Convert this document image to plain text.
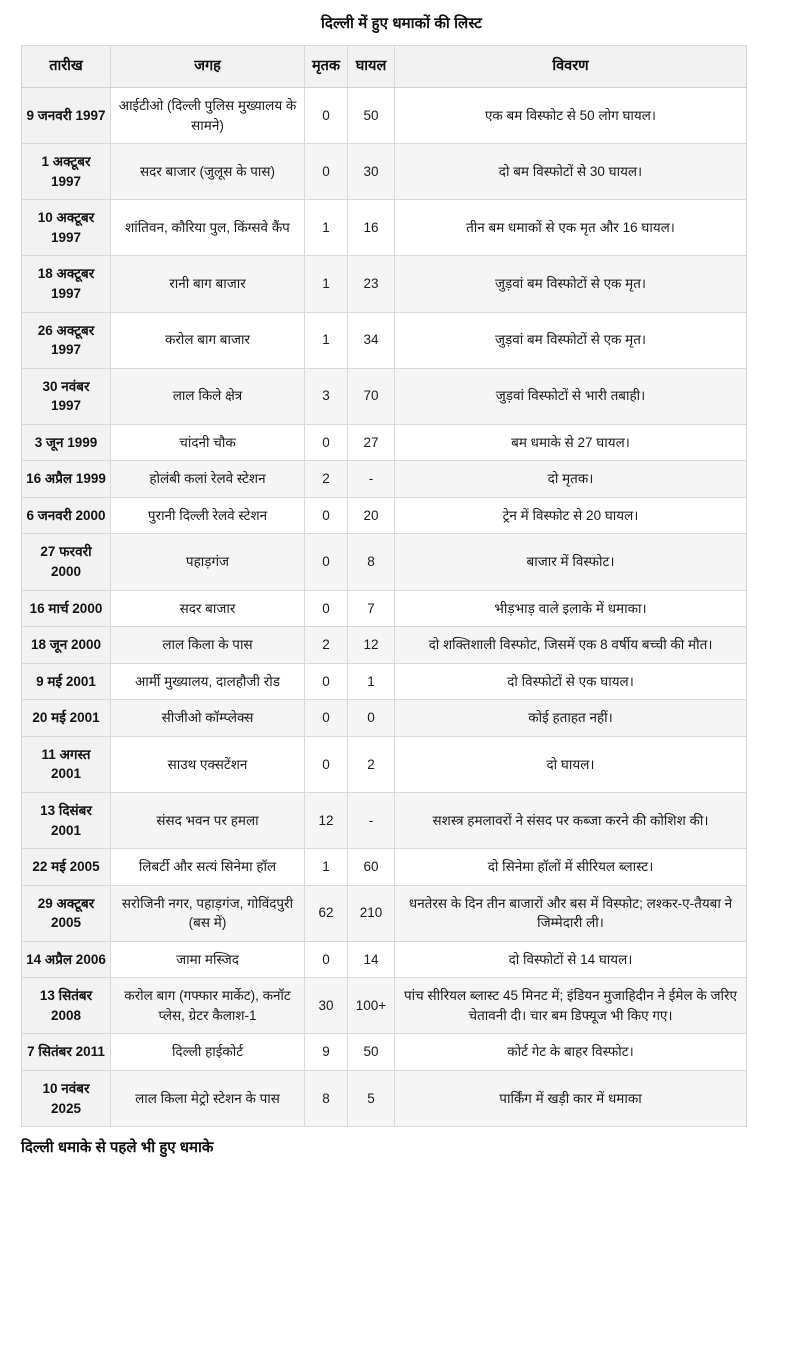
दिल्ली में हुए धमाकों की लिस्ट
तारीख	जगह	मृतक	घायल	विवरण
9 जनवरी 1997	आईटीओ (दिल्ली पुलिस मुख्यालय के सामने)	0	50	एक बम विस्फोट से 50 लोग घायल।
1 अक्टूबर 1997	सदर बाजार (जुलूस के पास)	0	30	दो बम विस्फोटों से 30 घायल।
10 अक्टूबर 1997	शांतिवन, कौरिया पुल, किंग्सवे कैंप	1	16	तीन बम धमाकों से एक मृत और 16 घायल।
18 अक्टूबर 1997	रानी बाग बाजार	1	23	जुड़वां बम विस्फोटों से एक मृत।
26 अक्टूबर 1997	करोल बाग बाजार	1	34	जुड़वां बम विस्फोटों से एक मृत।
30 नवंबर 1997	लाल किले क्षेत्र	3	70	जुड़वां विस्फोटों से भारी तबाही।
3 जून 1999	चांदनी चौक	0	27	बम धमाके से 27 घायल।
16 अप्रैल 1999	होलंबी कलां रेलवे स्टेशन	2	-	दो मृतक।
6 जनवरी 2000	पुरानी दिल्ली रेलवे स्टेशन	0	20	ट्रेन में विस्फोट से 20 घायल।
27 फरवरी 2000	पहाड़गंज	0	8	बाजार में विस्फोट।
16 मार्च 2000	सदर बाजार	0	7	भीड़भाड़ वाले इलाके में धमाका।
18 जून 2000	लाल किला के पास	2	12	दो शक्तिशाली विस्फोट, जिसमें एक 8 वर्षीय बच्ची की मौत।
9 मई 2001	आर्मी मुख्यालय, दालहौजी रोड	0	1	दो विस्फोटों से एक घायल।
20 मई 2001	सीजीओ कॉम्प्लेक्स	0	0	कोई हताहत नहीं।
11 अगस्त 2001	साउथ एक्सटेंशन	0	2	दो घायल।
13 दिसंबर 2001	संसद भवन पर हमला	12	-	सशस्त्र हमलावरों ने संसद पर कब्जा करने की कोशिश की।
22 मई 2005	लिबर्टी और सत्यं सिनेमा हॉल	1	60	दो सिनेमा हॉलों में सीरियल ब्लास्ट।
29 अक्टूबर 2005	सरोजिनी नगर, पहाड़गंज, गोविंदपुरी (बस में)	62	210	धनतेरस के दिन तीन बाजारों और बस में विस्फोट; लश्कर-ए-तैयबा ने जिम्मेदारी ली।
14 अप्रैल 2006	जामा मस्जिद	0	14	दो विस्फोटों से 14 घायल।
13 सितंबर 2008	करोल बाग (गफ्फार मार्केट), कनॉट प्लेस, ग्रेटर कैलाश-1	30	100+	पांच सीरियल ब्लास्ट 45 मिनट में; इंडियन मुजाहिदीन ने ईमेल के जरिए चेतावनी दी। चार बम डिफ्यूज भी किए गए।
7 सितंबर 2011	दिल्ली हाईकोर्ट	9	50	कोर्ट गेट के बाहर विस्फोट।
10 नवंबर 2025	लाल किला मेट्रो स्टेशन के पास	8	5	पार्किंग में खड़ी कार में धमाका
दिल्ली धमाके से पहले भी हुए धमाके
